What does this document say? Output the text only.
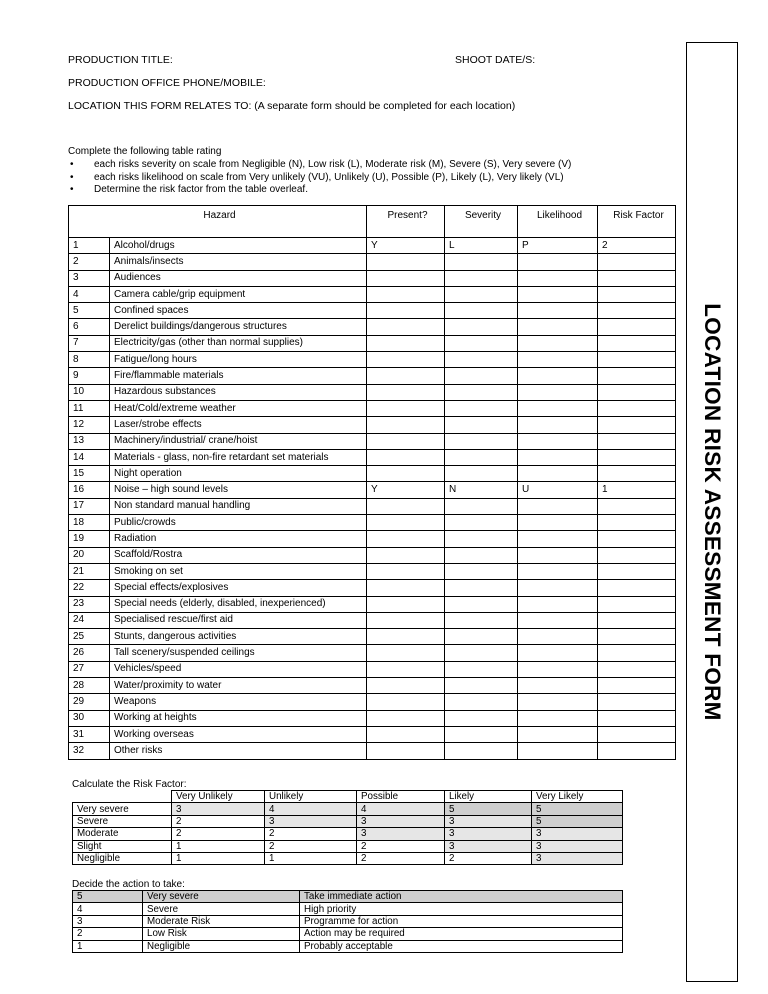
PRODUCTION TITLE:	SHOOT DATE/S:
PRODUCTION OFFICE PHONE/MOBILE:
LOCATION THIS FORM RELATES TO: (A separate form should be completed for each location)
LOCATION RISK ASSESSMENT FORM
Complete the following table rating
• each risks severity on scale from Negligible (N), Low risk (L), Moderate risk (M), Severe (S), Very severe (V)
• each risks likelihood on scale from Very unlikely (VU), Unlikely (U), Possible (P), Likely (L), Very likely (VL)
• Determine the risk factor from the table overleaf.
Hazard		Present?	Severity	Likelihood	Risk Factor
1	Alcohol/drugs	Y	L	P	2
2	Animals/insects				
3	Audiences				
4	Camera cable/grip equipment				
5	Confined spaces				
6	Derelict buildings/dangerous structures				
7	Electricity/gas (other than normal supplies)				
8	Fatigue/long hours				
9	Fire/flammable materials				
10	Hazardous substances				
11	Heat/Cold/extreme weather				
12	Laser/strobe effects				
13	Machinery/industrial/ crane/hoist				
14	Materials - glass, non-fire retardant set materials				
15	Night operation				
16	Noise – high sound levels	Y	N	U	1
17	Non standard manual handling				
18	Public/crowds				
19	Radiation				
20	Scaffold/Rostra				
21	Smoking on set				
22	Special effects/explosives				
23	Special needs (elderly, disabled, inexperienced)				
24	Specialised rescue/first aid				
25	Stunts, dangerous activities				
26	Tall scenery/suspended ceilings				
27	Vehicles/speed				
28	Water/proximity to water				
29	Weapons				
30	Working at heights				
31	Working overseas				
32	Other risks				
Calculate the Risk Factor:
	Very Unlikely	Unlikely	Possible	Likely	Very Likely
Very severe	3	4	4	5	5
Severe	2	3	3	3	5
Moderate	2	2	3	3	3
Slight	1	2	2	3	3
Negligible	1	1	2	2	3
Decide the action to take:
5	Very severe	Take immediate action
4	Severe	High priority
3	Moderate Risk	Programme for action
2	Low Risk	Action may be required
1	Negligible	Probably acceptable
